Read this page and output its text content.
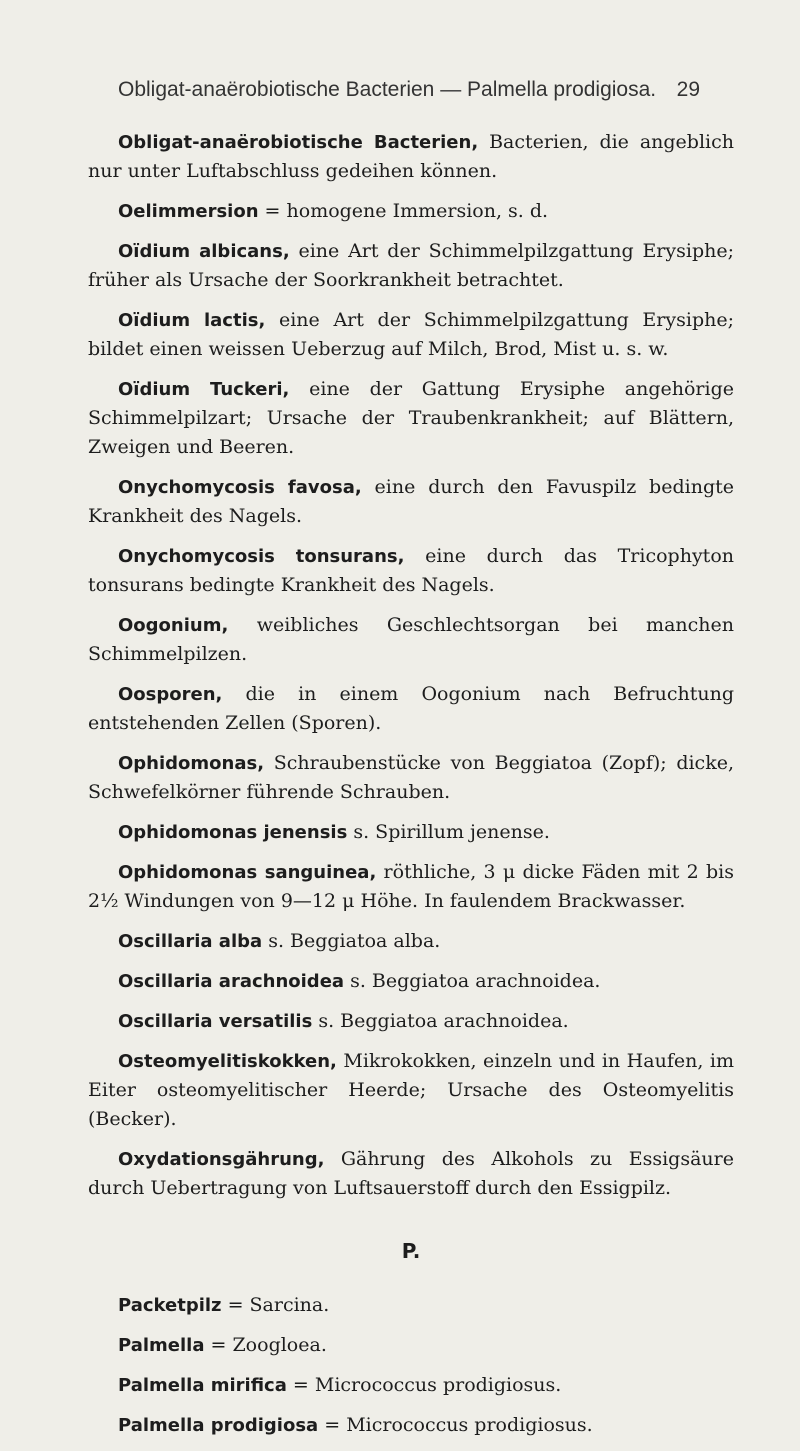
Obligat-anaërobiotische Bacterien — Palmella prodigiosa. 29

Obligat-anaërobiotische Bacterien, Bacterien, die angeblich nur unter Luftabschluss gedeihen können.

Oelimmersion = homogene Immersion, s. d.

Oïdium albicans, eine Art der Schimmelpilzgattung Erysiphe; früher als Ursache der Soorkrankheit betrachtet.

Oïdium lactis, eine Art der Schimmelpilzgattung Erysiphe; bildet einen weissen Ueberzug auf Milch, Brod, Mist u. s. w.

Oïdium Tuckeri, eine der Gattung Erysiphe angehörige Schimmelpilzart; Ursache der Traubenkrankheit; auf Blättern, Zweigen und Beeren.

Onychomycosis favosa, eine durch den Favuspilz bedingte Krankheit des Nagels.

Onychomycosis tonsurans, eine durch das Tricophyton tonsurans bedingte Krankheit des Nagels.

Oogonium, weibliches Geschlechtsorgan bei manchen Schimmelpilzen.

Oosporen, die in einem Oogonium nach Befruchtung entstehenden Zellen (Sporen).

Ophidomonas, Schraubenstücke von Beggiatoa (Zopf); dicke, Schwefelkörner führende Schrauben.

Ophidomonas jenensis s. Spirillum jenense.

Ophidomonas sanguinea, röthliche, 3 μ dicke Fäden mit 2 bis 2½ Windungen von 9—12 μ Höhe. In faulendem Brackwasser.

Oscillaria alba s. Beggiatoa alba.

Oscillaria arachnoidea s. Beggiatoa arachnoidea.

Oscillaria versatilis s. Beggiatoa arachnoidea.

Osteomyelitiskokken, Mikrokokken, einzeln und in Haufen, im Eiter osteomyelitischer Heerde; Ursache des Osteomyelitis (Becker).

Oxydationsgährung, Gährung des Alkohols zu Essigsäure durch Uebertragung von Luftsauerstoff durch den Essigpilz.

P.

Packetpilz = Sarcina.

Palmella = Zoogloea.

Palmella mirifica = Micrococcus prodigiosus.

Palmella prodigiosa = Micrococcus prodigiosus.
